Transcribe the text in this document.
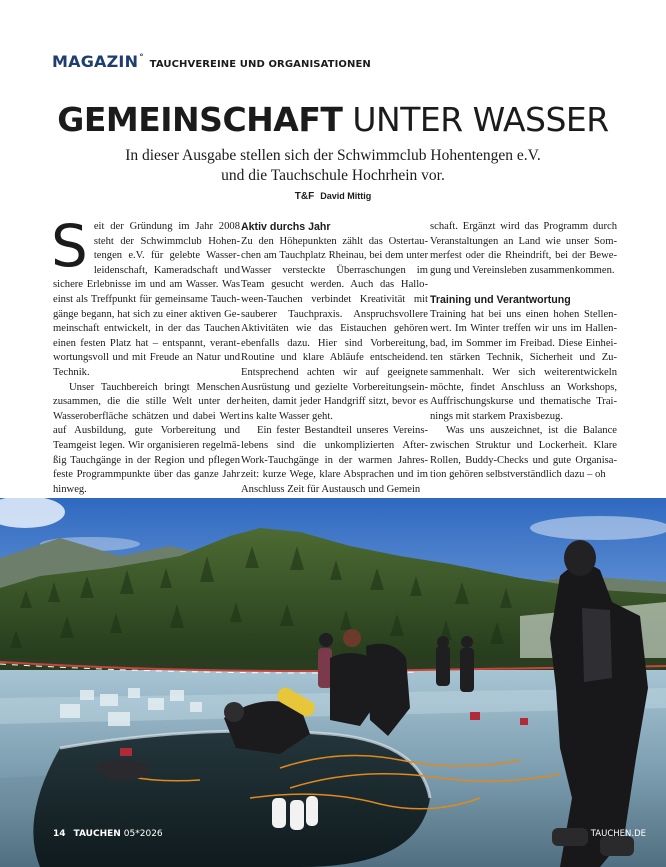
MAGAZIN °
TAUCHVEREINE UND ORGANISATIONEN
GEMEINSCHAFT UNTER WASSER
In dieser Ausgabe stellen sich der Schwimmclub Hohentengen e.V.
und die Tauchschule Hochrhein vor.
T&F David Mittig

Seit der Gründung im Jahr 2008 steht der Schwimmclub Hohentengen e.V. für gelebte Wasserleidenschaft, Kameradschaft und sichere Erlebnisse im und am Wasser. Was einst als Treffpunkt für gemeinsame Tauchgänge begann, hat sich zu einer aktiven Gemeinschaft entwickelt, in der das Tauchen einen festen Platz hat – entspannt, verantwortungsvoll und mit Freude an Natur und Technik.

Unser Tauchbereich bringt Menschen zusammen, die die stille Welt unter der Wasseroberfläche schätzen und dabei Wert auf Ausbildung, gute Vorbereitung und Teamgeist legen. Wir organisieren regelmäßig Tauchgänge in der Region und pflegen feste Programmpunkte über das ganze Jahr hinweg.

Aktiv durchs Jahr

Zu den Höhepunkten zählt das Ostertauchen am Tauchplatz Rheinau, bei dem unter Wasser versteckte Überraschungen im Team gesucht werden. Auch das Halloween-Tauchen verbindet Kreativität mit sauberer Tauchpraxis. Anspruchsvollere Aktivitäten wie das Eistauchen gehören ebenfalls dazu. Hier sind Vorbereitung, Routine und klare Abläufe entscheidend. Entsprechend achten wir auf geeignete Ausrüstung und gezielte Vorbereitungseinheiten, damit jeder Handgriff sitzt, bevor es ins kalte Wasser geht.

Ein fester Bestandteil unseres Vereinslebens sind die unkomplizierten After-Work-Tauchgänge in der warmen Jahreszeit: kurze Wege, klare Absprachen und im Anschluss Zeit für Austausch und Gemein

schaft. Ergänzt wird das Programm durch Veranstaltungen an Land wie unser Sommerfest oder die Rheindrift, bei der Bewegung und Vereinsleben zusammenkommen.

Training und Verantwortung

Training hat bei uns einen hohen Stellenwert. Im Winter treffen wir uns im Hallenbad, im Sommer im Freibad. Diese Einheiten stärken Technik, Sicherheit und Zusammenhalt. Wer sich weiterentwickeln möchte, findet Anschluss an Workshops, Auffrischungskurse und thematische Trainings mit starkem Praxisbezug.

Was uns auszeichnet, ist die Balance zwischen Struktur und Lockerheit. Klare Rollen, Buddy-Checks und gute Organisation gehören selbstverständlich dazu – oh

14 TAUCHEN 05*2026	TAUCHEN.DE
